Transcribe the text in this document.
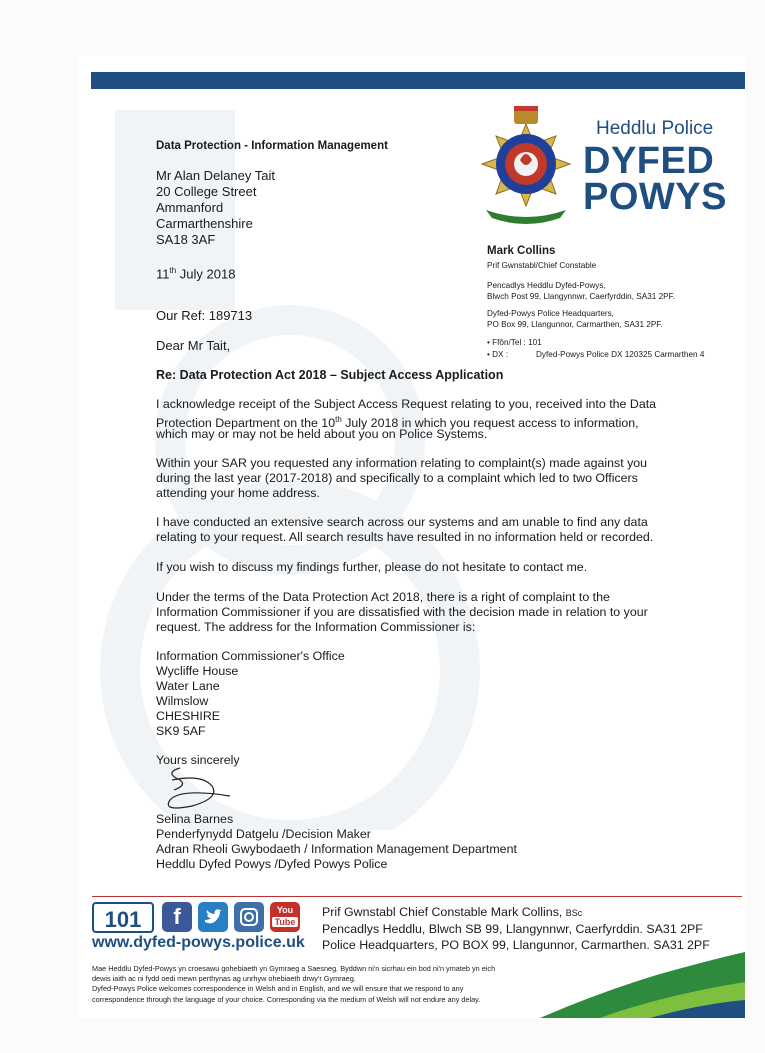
Data Protection - Information Management
Mr Alan Delaney Tait
20 College Street
Ammanford
Carmarthenshire
SA18 3AF
11th July 2018
Our Ref: 189713
Dear Mr Tait,
Heddlu Police
DYFED
POWYS
Mark Collins
Prif Gwnstabl/Chief Constable
Pencadlys Heddlu Dyfed-Powys,
Blwch Post 99, Llangynnwr, Caerfyrddin, SA31 2PF.
Dyfed-Powys Police Headquarters,
PO Box 99, Llangunnor, Carmarthen, SA31 2PF.
• Ffôn/Tel : 101
• DX :	Dyfed-Powys Police DX 120325 Carmarthen 4
Re: Data Protection Act 2018 – Subject Access Application
I acknowledge receipt of the Subject Access Request relating to you, received into the Data
Protection Department on the 10th July 2018 in which you request access to information,
which may or may not be held about you on Police Systems.
Within your SAR you requested any information relating to complaint(s) made against you
during the last year (2017-2018) and specifically to a complaint which led to two Officers
attending your home address.
I have conducted an extensive search across our systems and am unable to find any data
relating to your request. All search results have resulted in no information held or recorded.
If you wish to discuss my findings further, please do not hesitate to contact me.
Under the terms of the Data Protection Act 2018, there is a right of complaint to the
Information Commissioner if you are dissatisfied with the decision made in relation to your
request. The address for the Information Commissioner is:
Information Commissioner's Office
Wycliffe House
Water Lane
Wilmslow
CHESHIRE
SK9 5AF
Yours sincerely
Selina Barnes
Penderfynydd Datgelu /Decision Maker
Adran Rheoli Gwybodaeth / Information Management Department
Heddlu Dyfed Powys /Dyfed Powys Police
101	f	You
Tube
www.dyfed-powys.police.uk
Prif Gwnstabl Chief Constable Mark Collins, BSc
Pencadlys Heddlu, Blwch SB 99, Llangynnwr, Caerfyrddin. SA31 2PF
Police Headquarters, PO BOX 99, Llangunnor, Carmarthen. SA31 2PF
Mae Heddlu Dyfed-Powys yn croesawu gohebiaeth yn Gymraeg a Saesneg. Byddwn ni'n sicrhau ein bod ni'n ymateb yn eich
dewis iaith ac ni fydd oedi mewn perthynas ag unrhyw ohebiaeth drwy'r Gymraeg.
Dyfed-Powys Police welcomes correspondence in Welsh and in English, and we will ensure that we respond to any
correspondence through the language of your choice. Corresponding via the medium of Welsh will not endure any delay.
